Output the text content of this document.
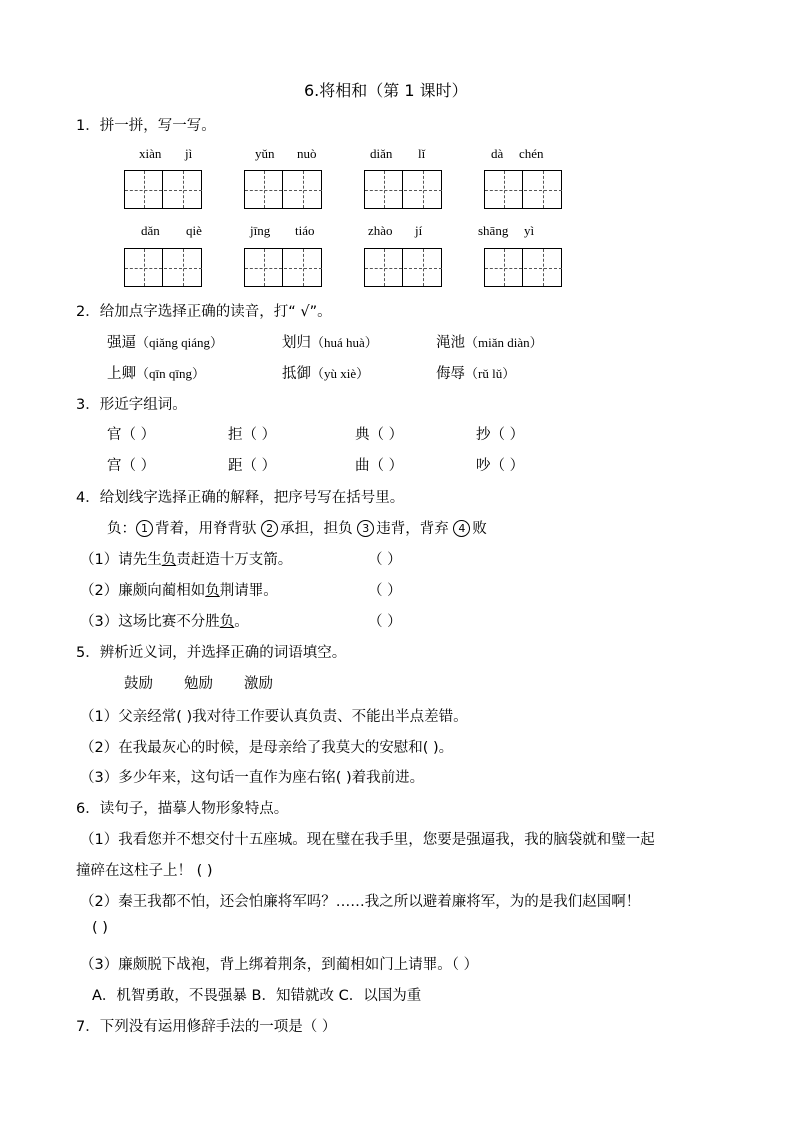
6.将相和（第 1 课时）
1．拼一拼，写一写。
xiàn jì	yǔn nuò	diǎn lǐ	dà chén
dǎn qiè	jīng tiáo	zhào jí	shāng yì
2．给加点字选择正确的读音，打“ √”。
强逼（qiǎng qiáng）	划归（huá huà）	渑池（miǎn diàn）
上卿（qīn qīng）	抵御（yù xiè）	侮辱（rǔ lǔ）
3．形近字组词。
官（ ）	拒（ ）	典（ ）	抄（ ）
宫（ ）	距（ ）	曲（ ）	吵（ ）
4．给划线字选择正确的解释，把序号写在括号里。
负： 1 背着，用脊背驮 2 承担，担负 3 违背，背弃 4 败
（1）请先生负责赶造十万支箭。	（ ）
（2）廉颇向蔺相如负荆请罪。	（ ）
（3）这场比赛不分胜负。	（ ）
5．辨析近义词，并选择正确的词语填空。
鼓励 勉励 激励
（1）父亲经常( )我对待工作要认真负责、不能出半点差错。
（2）在我最灰心的时候，是母亲给了我莫大的安慰和( )。
（3）多少年来，这句话一直作为座右铭( )着我前进。
6．读句子，描摹人物形象特点。
（1）我看您并不想交付十五座城。现在璧在我手里，您要是强逼我，我的脑袋就和璧一起
撞碎在这柱子上！ ( )
（2）秦王我都不怕，还会怕廉将军吗？……我之所以避着廉将军，为的是我们赵国啊！
( )
（3）廉颇脱下战袍，背上绑着荆条，到蔺相如门上请罪。（ ）
A．机智勇敢，不畏强暴 B．知错就改 C．以国为重
7．下列没有运用修辞手法的一项是（ ）
